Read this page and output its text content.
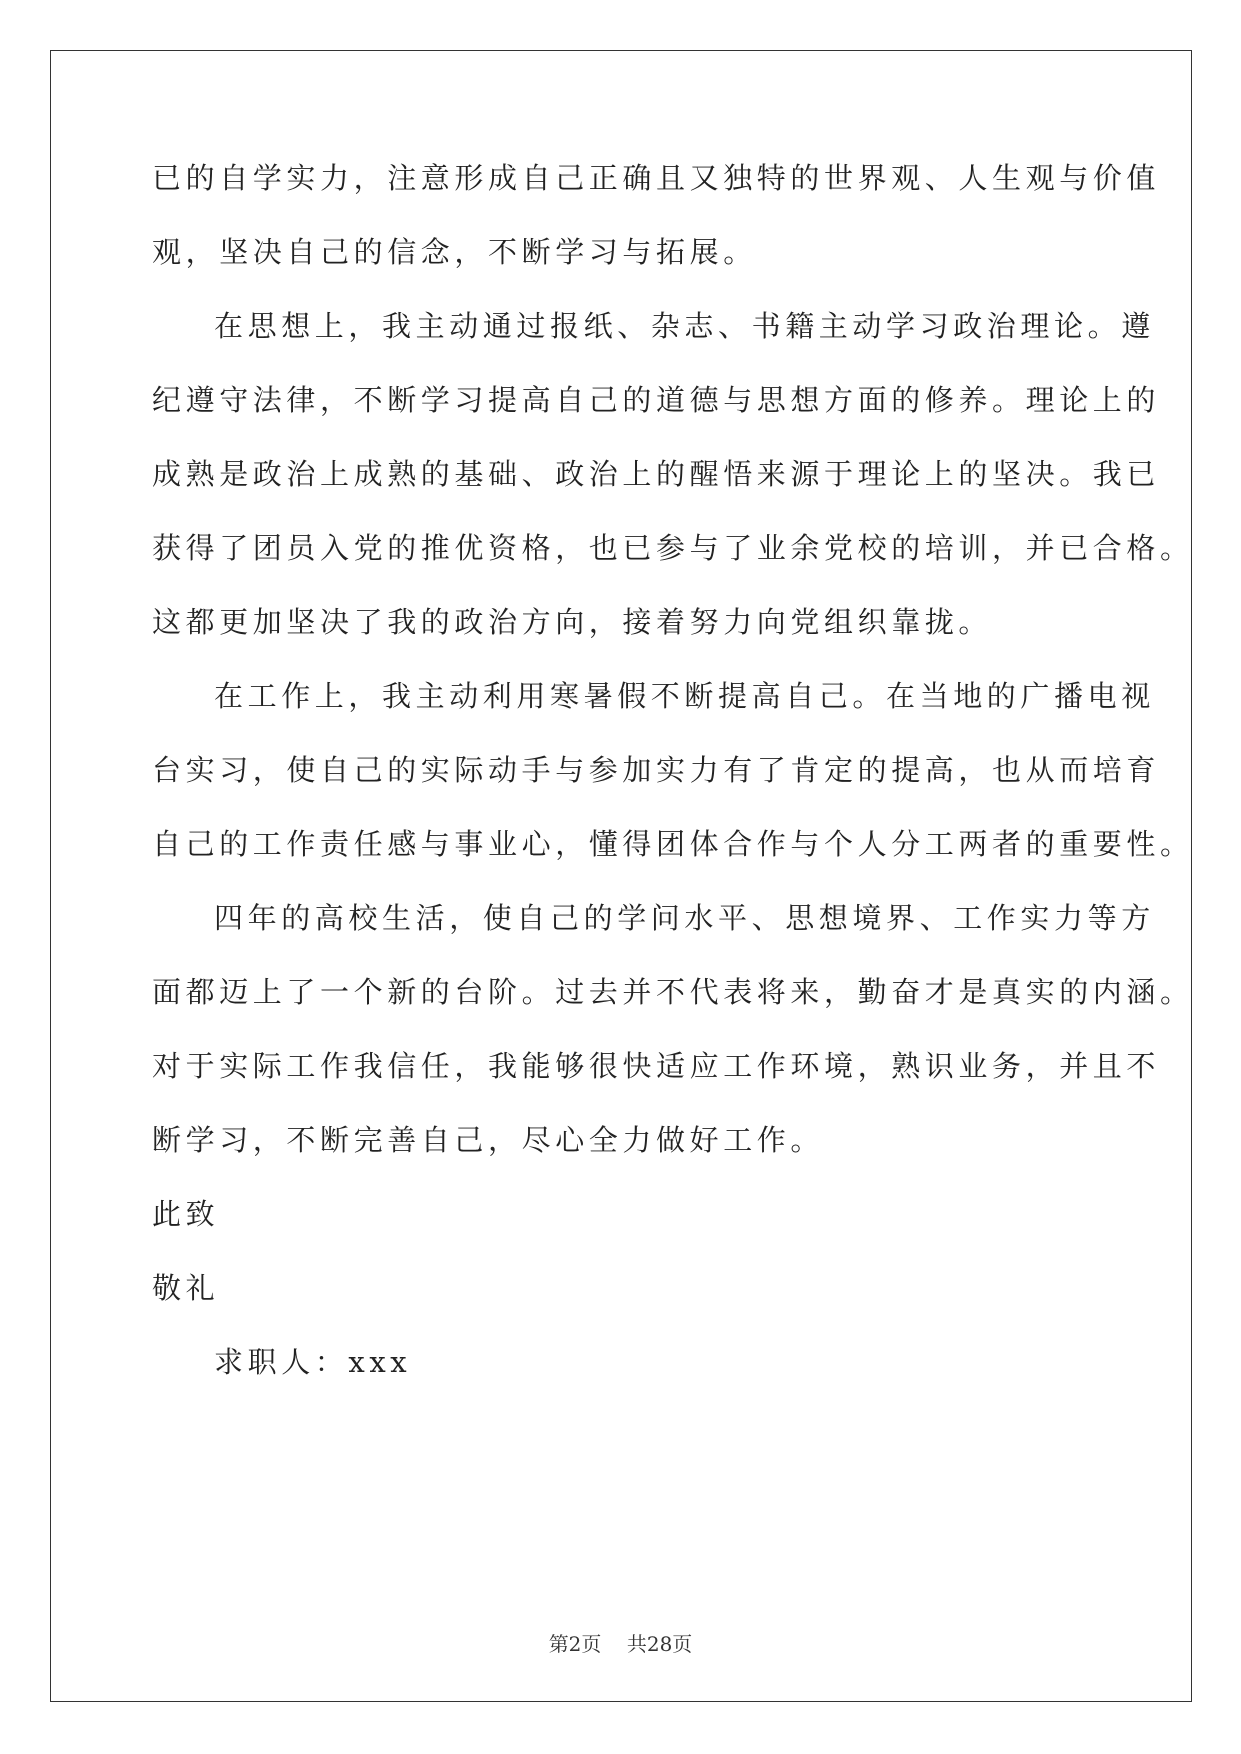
已的自学实力，注意形成自己正确且又独特的世界观、人生观与价值
观，坚决自己的信念，不断学习与拓展。
在思想上，我主动通过报纸、杂志、书籍主动学习政治理论。遵
纪遵守法律，不断学习提高自己的道德与思想方面的修养。理论上的
成熟是政治上成熟的基础、政治上的醒悟来源于理论上的坚决。我已
获得了团员入党的推优资格，也已参与了业余党校的培训，并已合格。
这都更加坚决了我的政治方向，接着努力向党组织靠拢。
在工作上，我主动利用寒暑假不断提高自己。在当地的广播电视
台实习，使自己的实际动手与参加实力有了肯定的提高，也从而培育
自己的工作责任感与事业心，懂得团体合作与个人分工两者的重要性。
四年的高校生活，使自己的学问水平、思想境界、工作实力等方
面都迈上了一个新的台阶。过去并不代表将来，勤奋才是真实的内涵。
对于实际工作我信任，我能够很快适应工作环境，熟识业务，并且不
断学习，不断完善自己，尽心全力做好工作。
此致
敬礼
求职人：xxx
第2页    共28页
